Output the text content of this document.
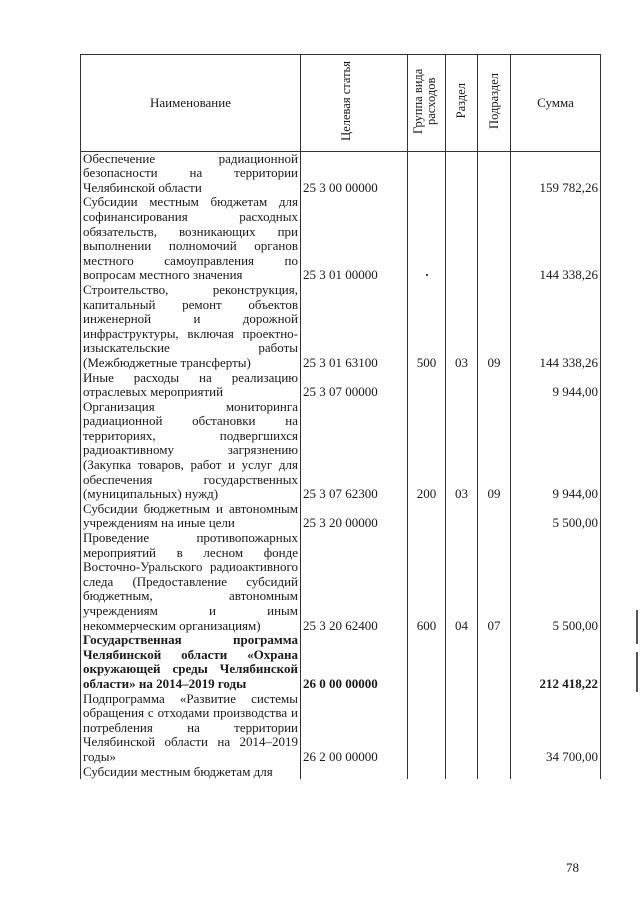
Наименование	Целевая статья	Группа вида расходов	Раздел	Подраздел	Сумма
Обеспечение радиационной безопасности на территории Челябинской области	25 3 00 00000				159 782,26
Субсидии местным бюджетам для софинансирования расходных обязательств, возникающих при выполнении полномочий органов местного самоуправления по вопросам местного значения	25 3 01 00000				144 338,26
Строительство, реконструкция, капитальный ремонт объектов инженерной и дорожной инфраструктуры, включая проектно-изыскательские работы (Межбюджетные трансферты)	25 3 01 63100	500	03	09	144 338,26
Иные расходы на реализацию отраслевых мероприятий	25 3 07 00000				9 944,00
Организация мониторинга радиационной обстановки на территориях, подвергшихся радиоактивному загрязнению (Закупка товаров, работ и услуг для обеспечения государственных (муниципальных) нужд)	25 3 07 62300	200	03	09	9 944,00
Субсидии бюджетным и автономным учреждениям на иные цели	25 3 20 00000				5 500,00
Проведение противопожарных мероприятий в лесном фонде Восточно-Уральского радиоактивного следа (Предоставление субсидий бюджетным, автономным учреждениям и иным некоммерческим организациям)	25 3 20 62400	600	04	07	5 500,00
Государственная программа Челябинской области «Охрана окружающей среды Челябинской области» на 2014–2019 годы	26 0 00 00000				212 418,22
Подпрограмма «Развитие системы обращения с отходами производства и потребления на территории Челябинской области на 2014–2019 годы»	26 2 00 00000				34 700,00
Субсидии местным бюджетам для					
78
